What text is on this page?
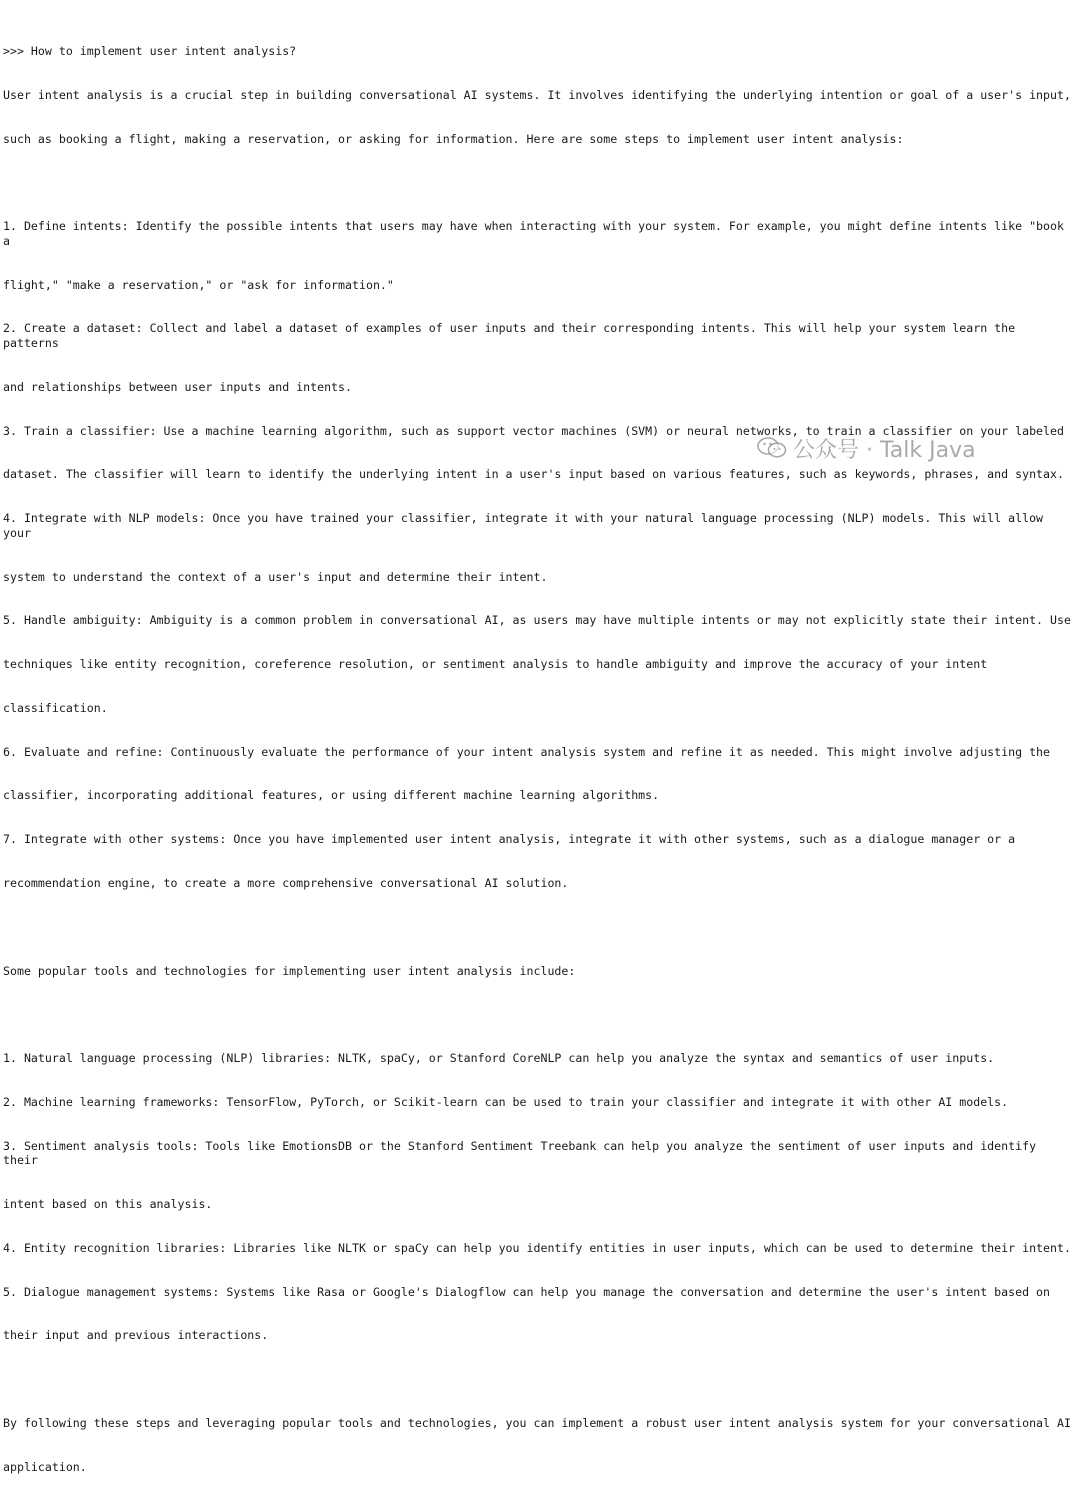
>>> How to implement user intent analysis?

User intent analysis is a crucial step in building conversational AI systems. It involves identifying the underlying intention or goal of a user's input,

such as booking a flight, making a reservation, or asking for information. Here are some steps to implement user intent analysis:

1. Define intents: Identify the possible intents that users may have when interacting with your system. For example, you might define intents like "book a

flight," "make a reservation," or "ask for information."

2. Create a dataset: Collect and label a dataset of examples of user inputs and their corresponding intents. This will help your system learn the patterns

and relationships between user inputs and intents.

3. Train a classifier: Use a machine learning algorithm, such as support vector machines (SVM) or neural networks, to train a classifier on your labeled

dataset. The classifier will learn to identify the underlying intent in a user's input based on various features, such as keywords, phrases, and syntax.

4. Integrate with NLP models: Once you have trained your classifier, integrate it with your natural language processing (NLP) models. This will allow your

system to understand the context of a user's input and determine their intent.

5. Handle ambiguity: Ambiguity is a common problem in conversational AI, as users may have multiple intents or may not explicitly state their intent. Use

techniques like entity recognition, coreference resolution, or sentiment analysis to handle ambiguity and improve the accuracy of your intent

classification.

6. Evaluate and refine: Continuously evaluate the performance of your intent analysis system and refine it as needed. This might involve adjusting the

classifier, incorporating additional features, or using different machine learning algorithms.

7. Integrate with other systems: Once you have implemented user intent analysis, integrate it with other systems, such as a dialogue manager or a

recommendation engine, to create a more comprehensive conversational AI solution.

Some popular tools and technologies for implementing user intent analysis include:

1. Natural language processing (NLP) libraries: NLTK, spaCy, or Stanford CoreNLP can help you analyze the syntax and semantics of user inputs.

2. Machine learning frameworks: TensorFlow, PyTorch, or Scikit-learn can be used to train your classifier and integrate it with other AI models.

3. Sentiment analysis tools: Tools like EmotionsDB or the Stanford Sentiment Treebank can help you analyze the sentiment of user inputs and identify their

intent based on this analysis.

4. Entity recognition libraries: Libraries like NLTK or spaCy can help you identify entities in user inputs, which can be used to determine their intent.

5. Dialogue management systems: Systems like Rasa or Google's Dialogflow can help you manage the conversation and determine the user's intent based on

their input and previous interactions.

By following these steps and leveraging popular tools and technologies, you can implement a robust user intent analysis system for your conversational AI

application.

公众号 · Talk Java
